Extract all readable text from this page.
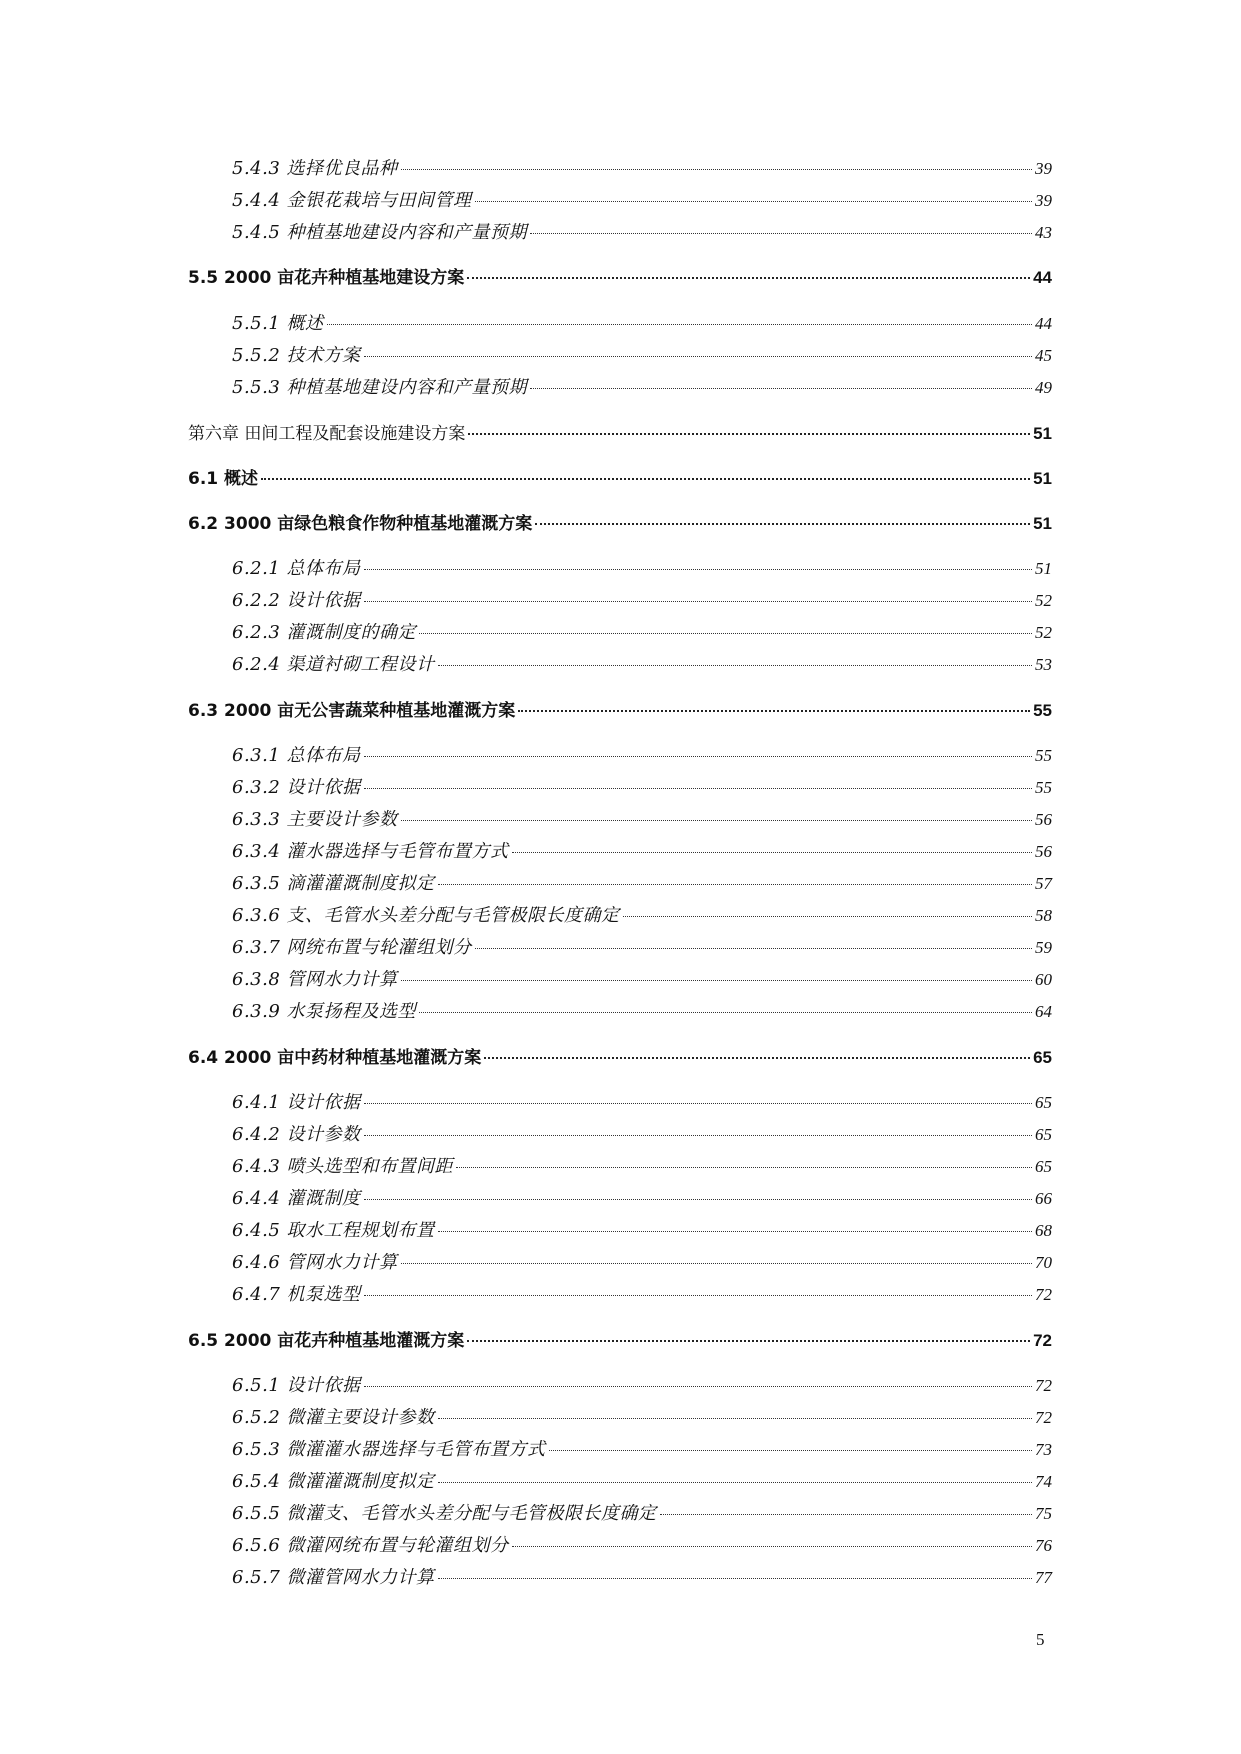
5.4.3 选择优良品种	39
5.4.4 金银花栽培与田间管理	39
5.4.5 种植基地建设内容和产量预期	43
5.5 2000 亩花卉种植基地建设方案	44
5.5.1 概述	44
5.5.2 技术方案	45
5.5.3 种植基地建设内容和产量预期	49
第六章 田间工程及配套设施建设方案	51
6.1 概述	51
6.2 3000 亩绿色粮食作物种植基地灌溉方案	51
6.2.1 总体布局	51
6.2.2 设计依据	52
6.2.3 灌溉制度的确定	52
6.2.4 渠道衬砌工程设计	53
6.3 2000 亩无公害蔬菜种植基地灌溉方案	55
6.3.1 总体布局	55
6.3.2 设计依据	55
6.3.3 主要设计参数	56
6.3.4 灌水器选择与毛管布置方式	56
6.3.5 滴灌灌溉制度拟定	57
6.3.6 支、毛管水头差分配与毛管极限长度确定	58
6.3.7 网统布置与轮灌组划分	59
6.3.8 管网水力计算	60
6.3.9 水泵扬程及选型	64
6.4 2000 亩中药材种植基地灌溉方案	65
6.4.1 设计依据	65
6.4.2 设计参数	65
6.4.3 喷头选型和布置间距	65
6.4.4 灌溉制度	66
6.4.5 取水工程规划布置	68
6.4.6 管网水力计算	70
6.4.7 机泵选型	72
6.5 2000 亩花卉种植基地灌溉方案	72
6.5.1 设计依据	72
6.5.2 微灌主要设计参数	72
6.5.3 微灌灌水器选择与毛管布置方式	73
6.5.4 微灌灌溉制度拟定	74
6.5.5 微灌支、毛管水头差分配与毛管极限长度确定	75
6.5.6 微灌网统布置与轮灌组划分	76
6.5.7 微灌管网水力计算	77
5
